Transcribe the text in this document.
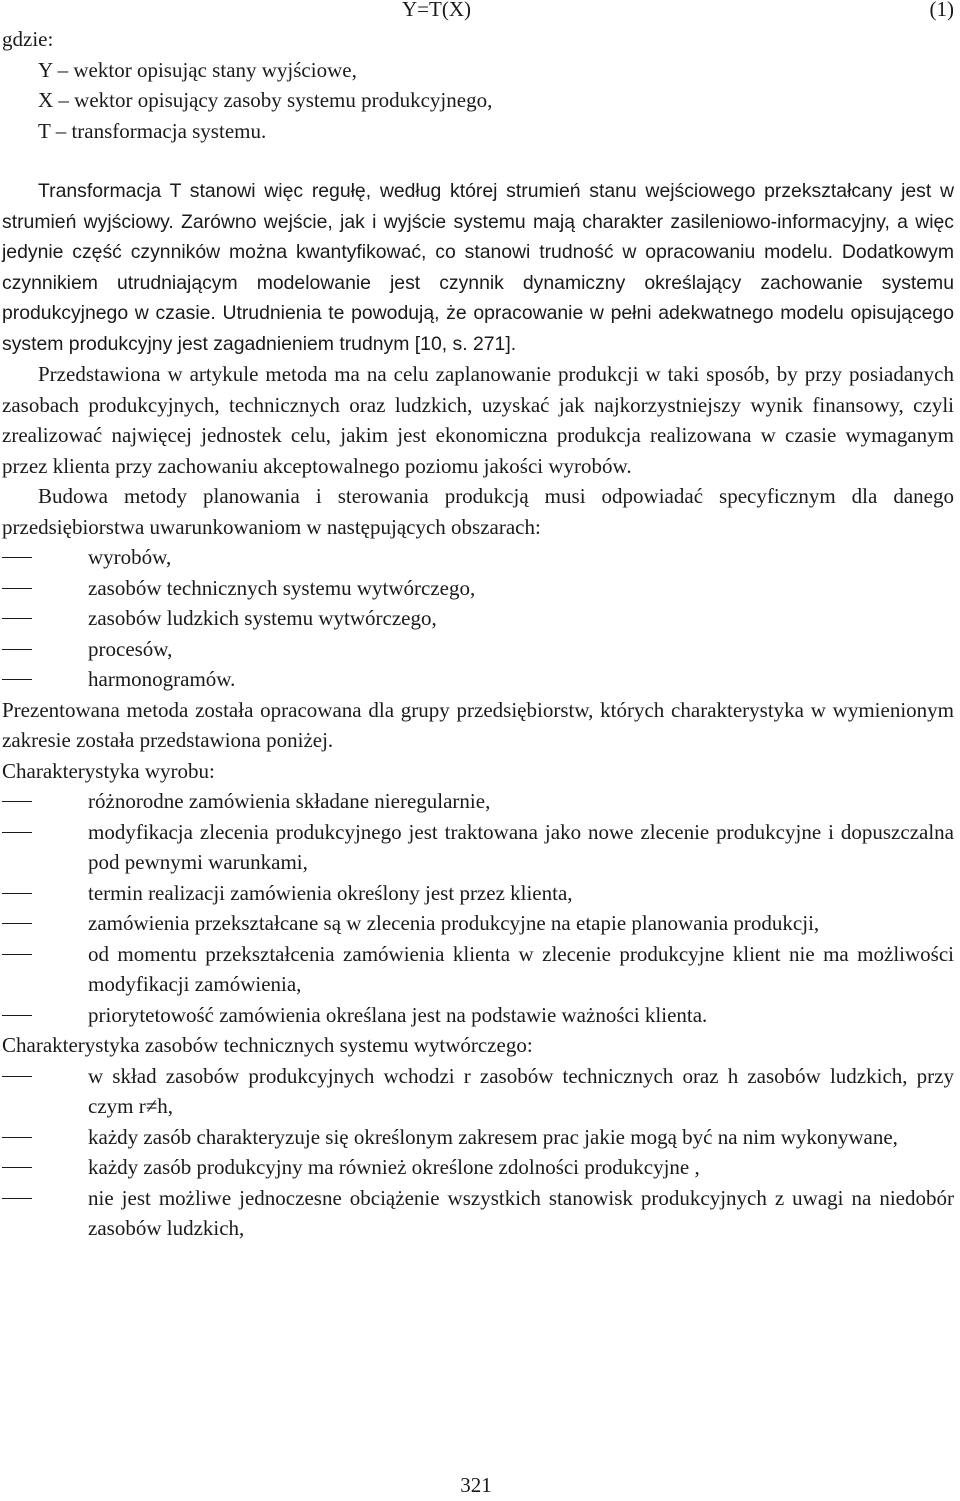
Y=T(X)	(1)
gdzie:
Y – wektor opisując stany wyjściowe,
X – wektor opisujący zasoby systemu produkcyjnego,
T – transformacja systemu.

Transformacja T stanowi więc regułę, według której strumień stanu wejściowego przekształcany jest w strumień wyjściowy. Zarówno wejście, jak i wyjście systemu mają charakter zasileniowo-informacyjny, a więc jedynie część czynników można kwantyfikować, co stanowi trudność w opracowaniu modelu. Dodatkowym czynnikiem utrudniającym modelowanie jest czynnik dynamiczny określający zachowanie systemu produkcyjnego w czasie. Utrudnienia te powodują, że opracowanie w pełni adekwatnego modelu opisującego system produkcyjny jest zagadnieniem trudnym [10, s. 271].

Przedstawiona w artykule metoda ma na celu zaplanowanie produkcji w taki sposób, by przy posiadanych zasobach produkcyjnych, technicznych oraz ludzkich, uzyskać jak najkorzystniejszy wynik finansowy, czyli zrealizować najwięcej jednostek celu, jakim jest ekonomiczna produkcja realizowana w czasie wymaganym przez klienta przy zachowaniu akceptowalnego poziomu jakości wyrobów.

Budowa metody planowania i sterowania produkcją musi odpowiadać specyficznym dla danego przedsiębiorstwa uwarunkowaniom w następujących obszarach:

wyrobów,
zasobów technicznych systemu wytwórczego,
zasobów ludzkich systemu wytwórczego,
procesów,
harmonogramów.

Prezentowana metoda została opracowana dla grupy przedsiębiorstw, których charakterystyka w wymienionym zakresie została przedstawiona poniżej.

Charakterystyka wyrobu:

różnorodne zamówienia składane nieregularnie,
modyfikacja zlecenia produkcyjnego jest traktowana jako nowe zlecenie produkcyjne i dopuszczalna pod pewnymi warunkami,
termin realizacji zamówienia określony jest przez klienta,
zamówienia przekształcane są w zlecenia produkcyjne na etapie planowania produkcji,
od momentu przekształcenia zamówienia klienta w zlecenie produkcyjne klient nie ma możliwości modyfikacji zamówienia,
priorytetowość zamówienia określana jest na podstawie ważności klienta.

Charakterystyka zasobów technicznych systemu wytwórczego:

w skład zasobów produkcyjnych wchodzi r zasobów technicznych oraz h zasobów ludzkich, przy czym r≠h,
każdy zasób charakteryzuje się określonym zakresem prac jakie mogą być na nim wykonywane,
każdy zasób produkcyjny ma również określone zdolności produkcyjne ,
nie jest możliwe jednoczesne obciążenie wszystkich stanowisk produkcyjnych z uwagi na niedobór zasobów ludzkich,
321
